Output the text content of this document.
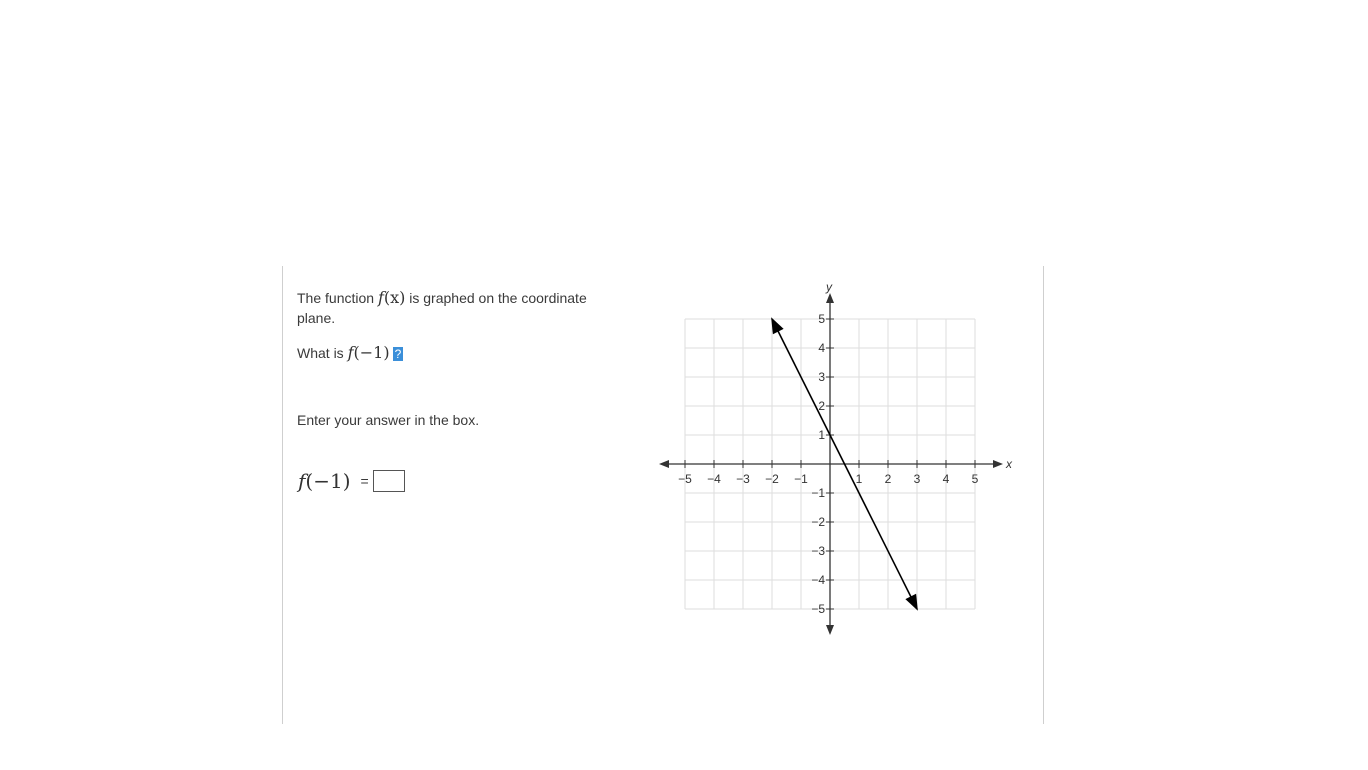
The function f(x) is graphed on the coordinate plane.
What is f(−1) ?
Enter your answer in the box.
f (−1) =
x
y
−5 −4 −3 −2 −1	1 2 3 4 5
5
4
3
2
1
−1
−2
−3
−4
−5
